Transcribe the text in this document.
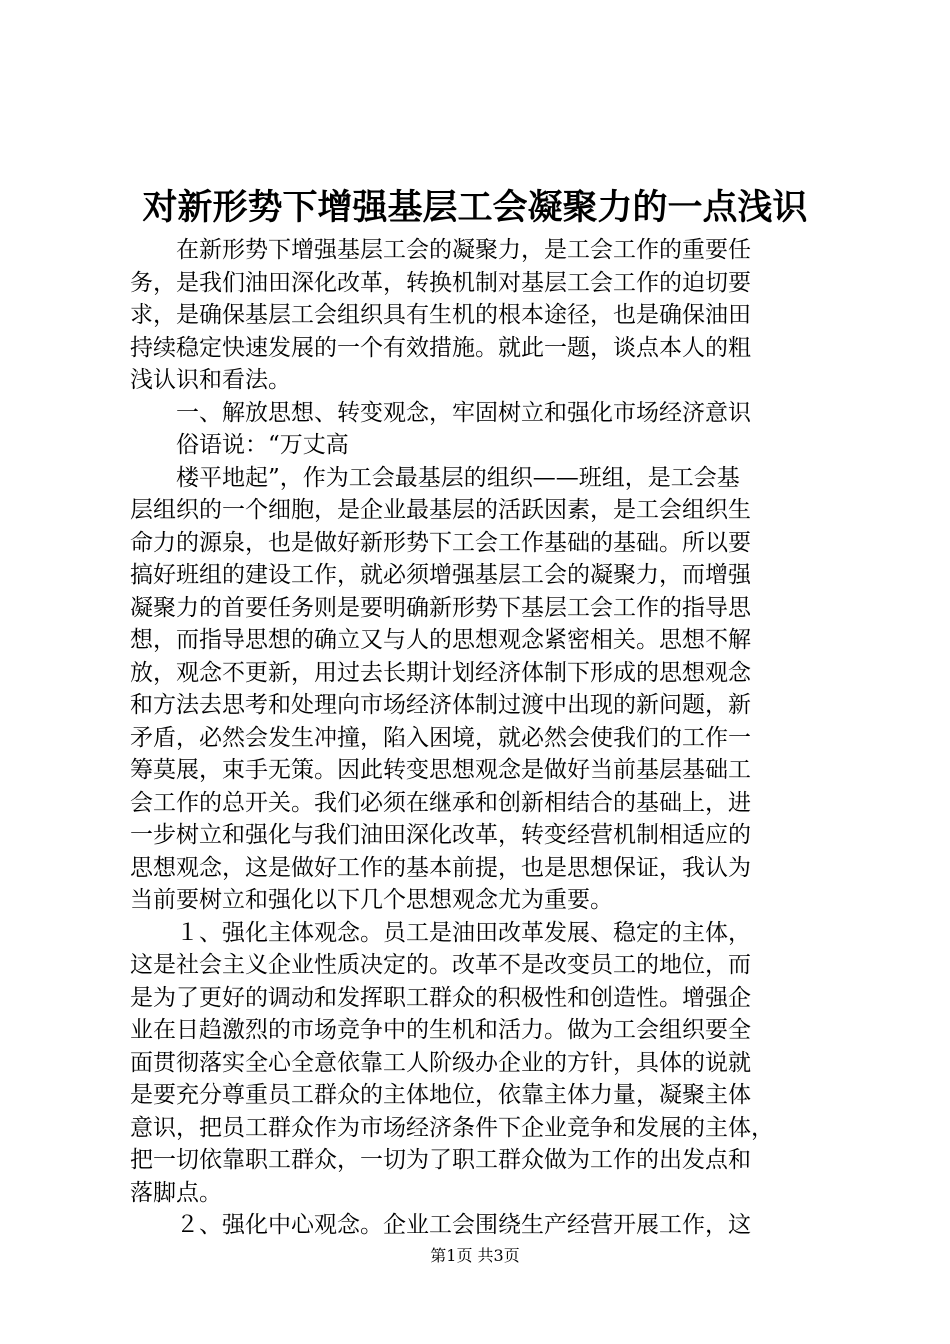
对新形势下增强基层工会凝聚力的一点浅识
在新形势下增强基层工会的凝聚力，是工会工作的重要任
务，是我们油田深化改革，转换机制对基层工会工作的迫切要
求，是确保基层工会组织具有生机的根本途径，也是确保油田
持续稳定快速发展的一个有效措施。就此一题，谈点本人的粗
浅认识和看法。
一、解放思想、转变观念，牢固树立和强化市场经济意识
俗语说：“万丈高
楼平地起”，作为工会最基层的组织——班组，是工会基
层组织的一个细胞，是企业最基层的活跃因素，是工会组织生
命力的源泉，也是做好新形势下工会工作基础的基础。所以要
搞好班组的建设工作，就必须增强基层工会的凝聚力，而增强
凝聚力的首要任务则是要明确新形势下基层工会工作的指导思
想，而指导思想的确立又与人的思想观念紧密相关。思想不解
放，观念不更新，用过去长期计划经济体制下形成的思想观念
和方法去思考和处理向市场经济体制过渡中出现的新问题，新
矛盾，必然会发生冲撞，陷入困境，就必然会使我们的工作一
筹莫展，束手无策。因此转变思想观念是做好当前基层基础工
会工作的总开关。我们必须在继承和创新相结合的基础上，进
一步树立和强化与我们油田深化改革，转变经营机制相适应的
思想观念，这是做好工作的基本前提，也是思想保证，我认为
当前要树立和强化以下几个思想观念尤为重要。
１、强化主体观念。员工是油田改革发展、稳定的主体，
这是社会主义企业性质决定的。改革不是改变员工的地位，而
是为了更好的调动和发挥职工群众的积极性和创造性。增强企
业在日趋激烈的市场竞争中的生机和活力。做为工会组织要全
面贯彻落实全心全意依靠工人阶级办企业的方针，具体的说就
是要充分尊重员工群众的主体地位，依靠主体力量，凝聚主体
意识，把员工群众作为市场经济条件下企业竞争和发展的主体，
把一切依靠职工群众，一切为了职工群众做为工作的出发点和
落脚点。
２、强化中心观念。企业工会围绕生产经营开展工作，这
第1页 共3页
